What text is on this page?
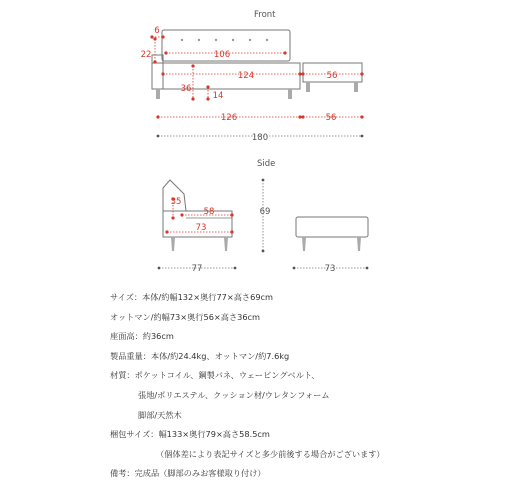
Front
6
22	106
124	56
36
14
126	56
180
Side
35
58
73
69
77	73
サイズ：本体/約幅132×奥行77×高さ69cm
オットマン/約幅73×奥行56×高さ36cm
座面高：約36cm
製品重量：本体/約24.4kg、オットマン/約7.6kg
材質：ポケットコイル、鋼製バネ、ウェービングベルト、
張地/ポリエステル、クッション材/ウレタンフォーム
脚部/天然木
梱包サイズ：幅133×奥行79×高さ58.5cm
（個体差により表記サイズと多少前後する場合がございます）
備考：完成品（脚部のみお客様取り付け）
